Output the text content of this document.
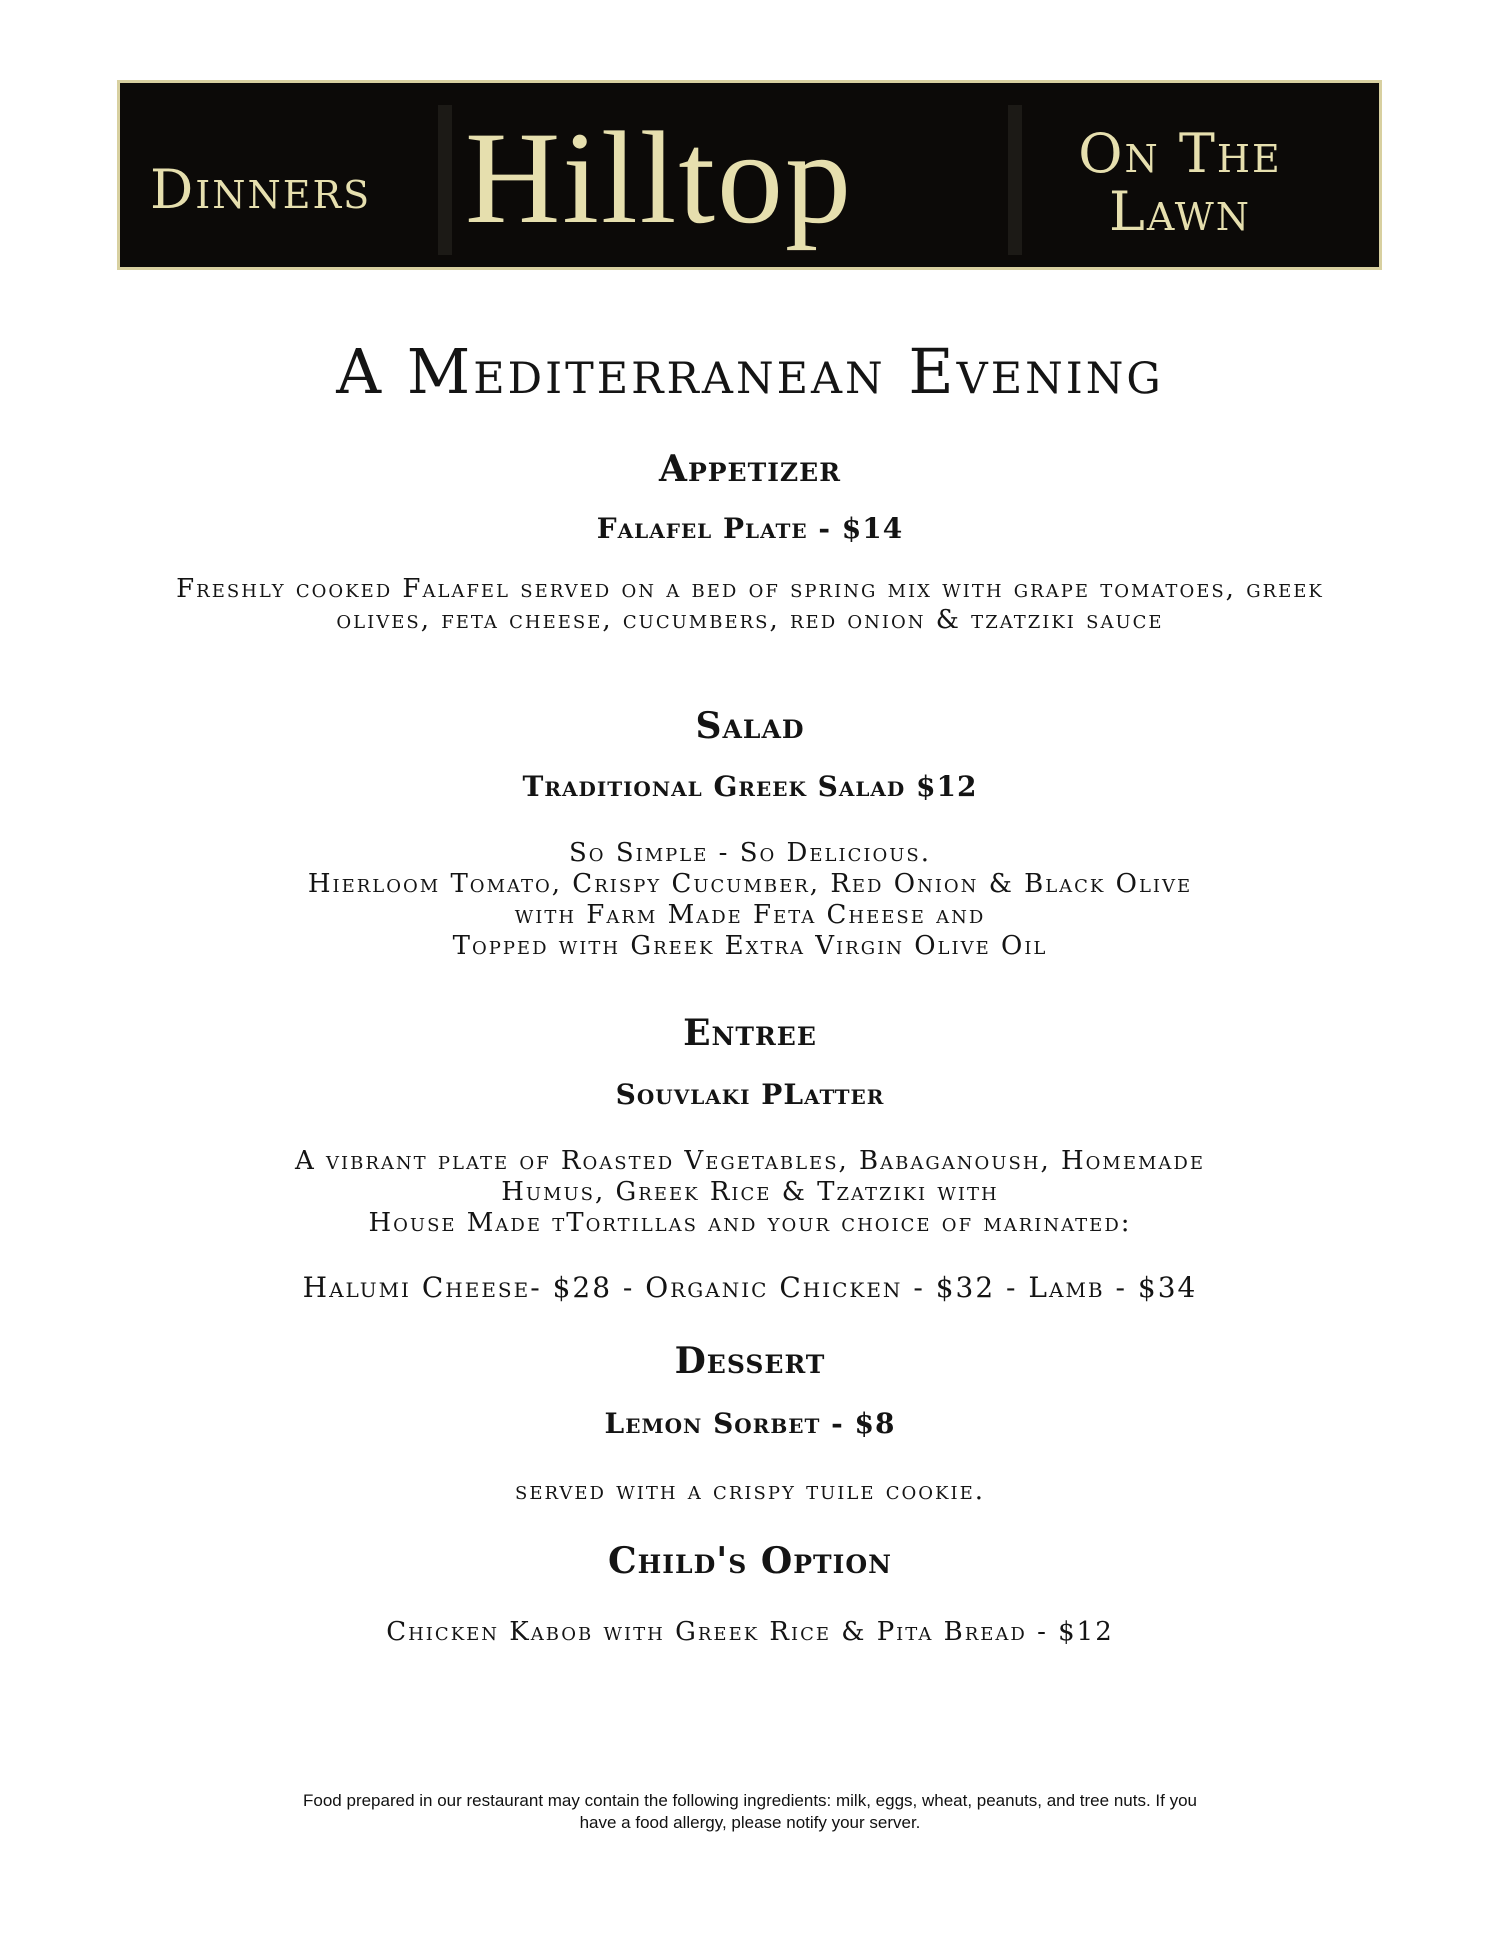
Dinners Hilltop	On The
Lawn
A Mediterranean Evening
Appetizer
Falafel Plate - $14
Freshly cooked Falafel served on a bed of spring mix with grape tomatoes, greek
olives, feta cheese, cucumbers, red onion & tzatziki sauce
Salad
Traditional Greek Salad $12
So Simple - So Delicious.
Hierloom Tomato, Crispy Cucumber, Red Onion & Black Olive
with Farm Made Feta Cheese and
Topped with Greek Extra Virgin Olive Oil
Entree
Souvlaki PLatter
A vibrant plate of Roasted Vegetables, Babaganoush, Homemade
Humus, Greek Rice & Tzatziki with
House Made tTortillas and your choice of marinated:
Halumi Cheese- $28 - Organic Chicken - $32 - Lamb - $34
Dessert
Lemon Sorbet - $8
served with a crispy tuile cookie.
Child's Option
Chicken Kabob with Greek Rice & Pita Bread - $12
Food prepared in our restaurant may contain the following ingredients: milk, eggs, wheat, peanuts, and tree nuts. If you
have a food allergy, please notify your server.
